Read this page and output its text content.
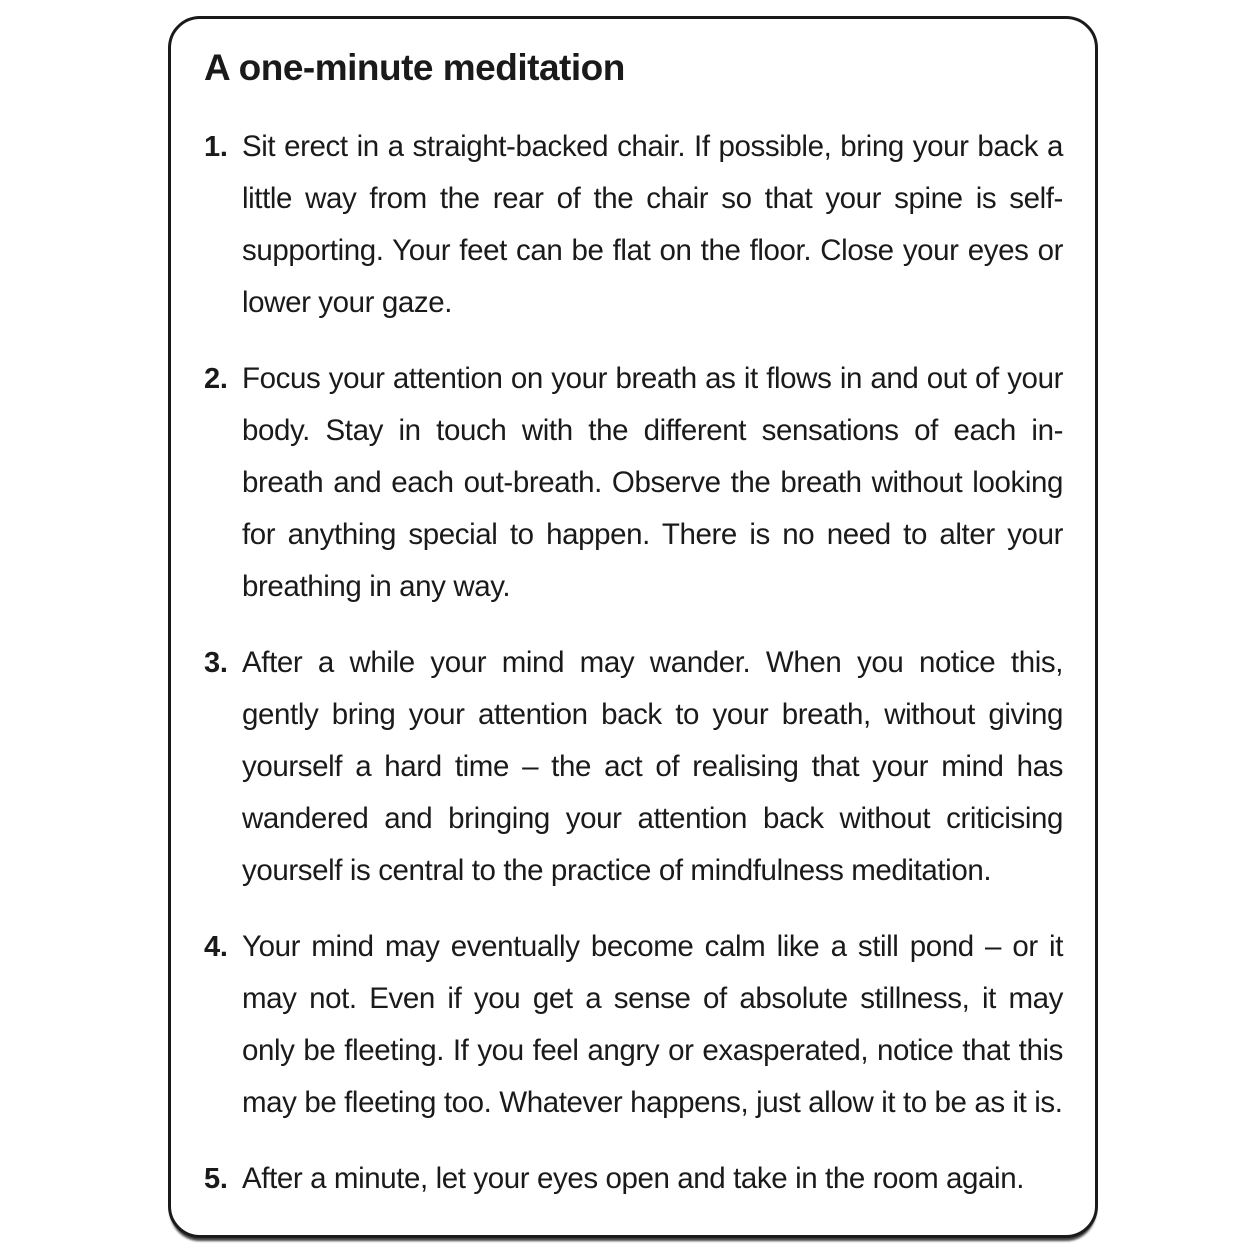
A one-minute meditation
1. Sit erect in a straight-backed chair. If possible, bring your back a little way from the rear of the chair so that your spine is self-supporting. Your feet can be flat on the floor. Close your eyes or lower your gaze.

2. Focus your attention on your breath as it flows in and out of your body. Stay in touch with the different sensations of each in-breath and each out-breath. Observe the breath without looking for anything special to happen. There is no need to alter your breathing in any way.

3. After a while your mind may wander. When you notice this, gently bring your attention back to your breath, without giving yourself a hard time – the act of realising that your mind has wandered and bringing your attention back without criticising yourself is central to the practice of mindfulness meditation.

4. Your mind may eventually become calm like a still pond – or it may not. Even if you get a sense of absolute stillness, it may only be fleeting. If you feel angry or exasperated, notice that this may be fleeting too. Whatever happens, just allow it to be as it is.

5. After a minute, let your eyes open and take in the room again.
